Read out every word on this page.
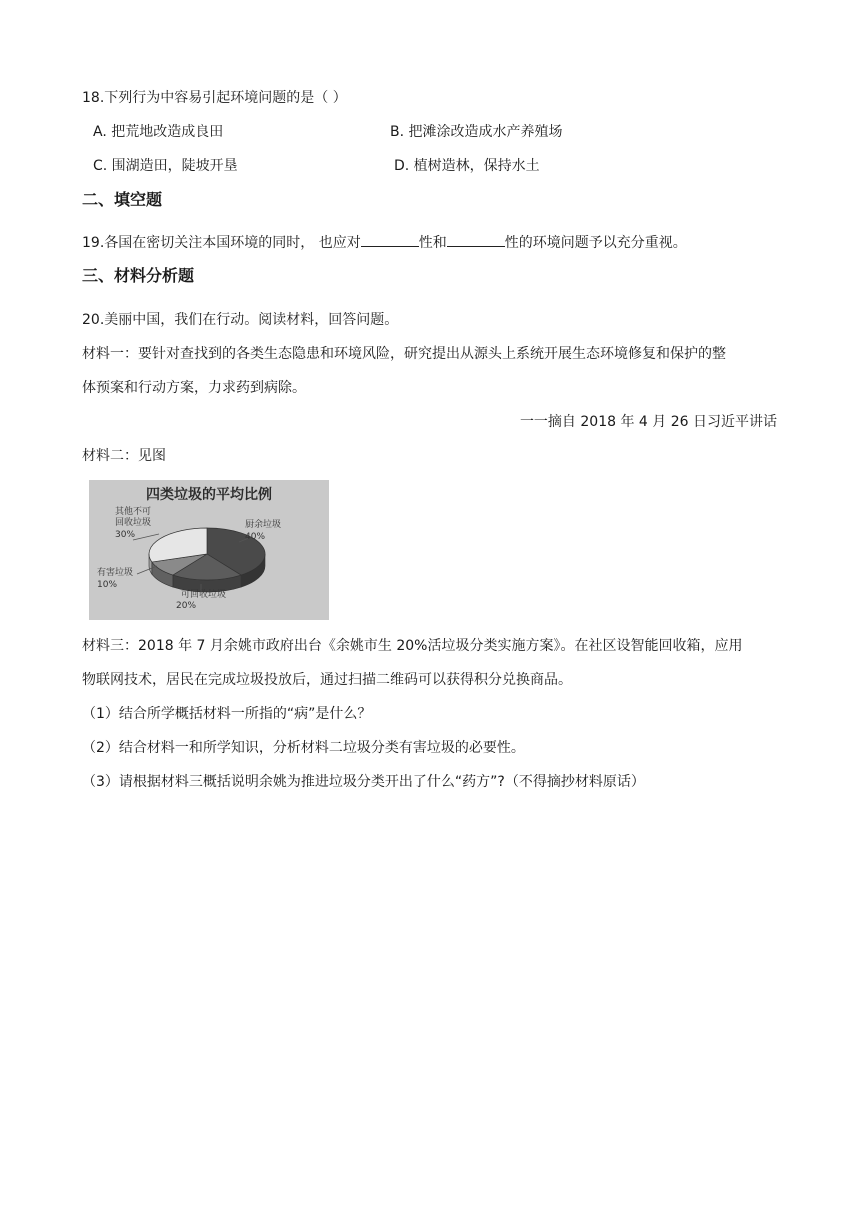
18.下列行为中容易引起环境问题的是（ ）
A. 把荒地改造成良田	B. 把滩涂改造成水产养殖场
C. 围湖造田，陡坡开垦	D. 植树造林，保持水土
二、填空题
19.各国在密切关注本国环境的同时， 也应对	性和	性的环境问题予以充分重视。
三、材料分析题
20.美丽中国，我们在行动。阅读材料，回答问题。
材料一：要针对查找到的各类生态隐患和环境风险，研究提出从源头上系统开展生态环境修复和保护的整
体预案和行动方案，力求药到病除。
一一摘自 2018 年 4 月 26 日习近平讲话
材料二：见图
四类垃圾的平均比例
其他不可
回收垃圾
30%
厨余垃圾
40%
有害垃圾
10%
可回收垃圾
20%
材料三：2018 年 7 月余姚市政府出台《余姚市生 20%活垃圾分类实施方案》。在社区设智能回收箱，应用
物联网技术，居民在完成垃圾投放后，通过扫描二维码可以获得积分兑换商品。
（1）结合所学概括材料一所指的“病”是什么？
（2）结合材料一和所学知识，分析材料二垃圾分类有害垃圾的必要性。
（3）请根据材料三概括说明余姚为推进垃圾分类开出了什么“药方”?（不得摘抄材料原话）
